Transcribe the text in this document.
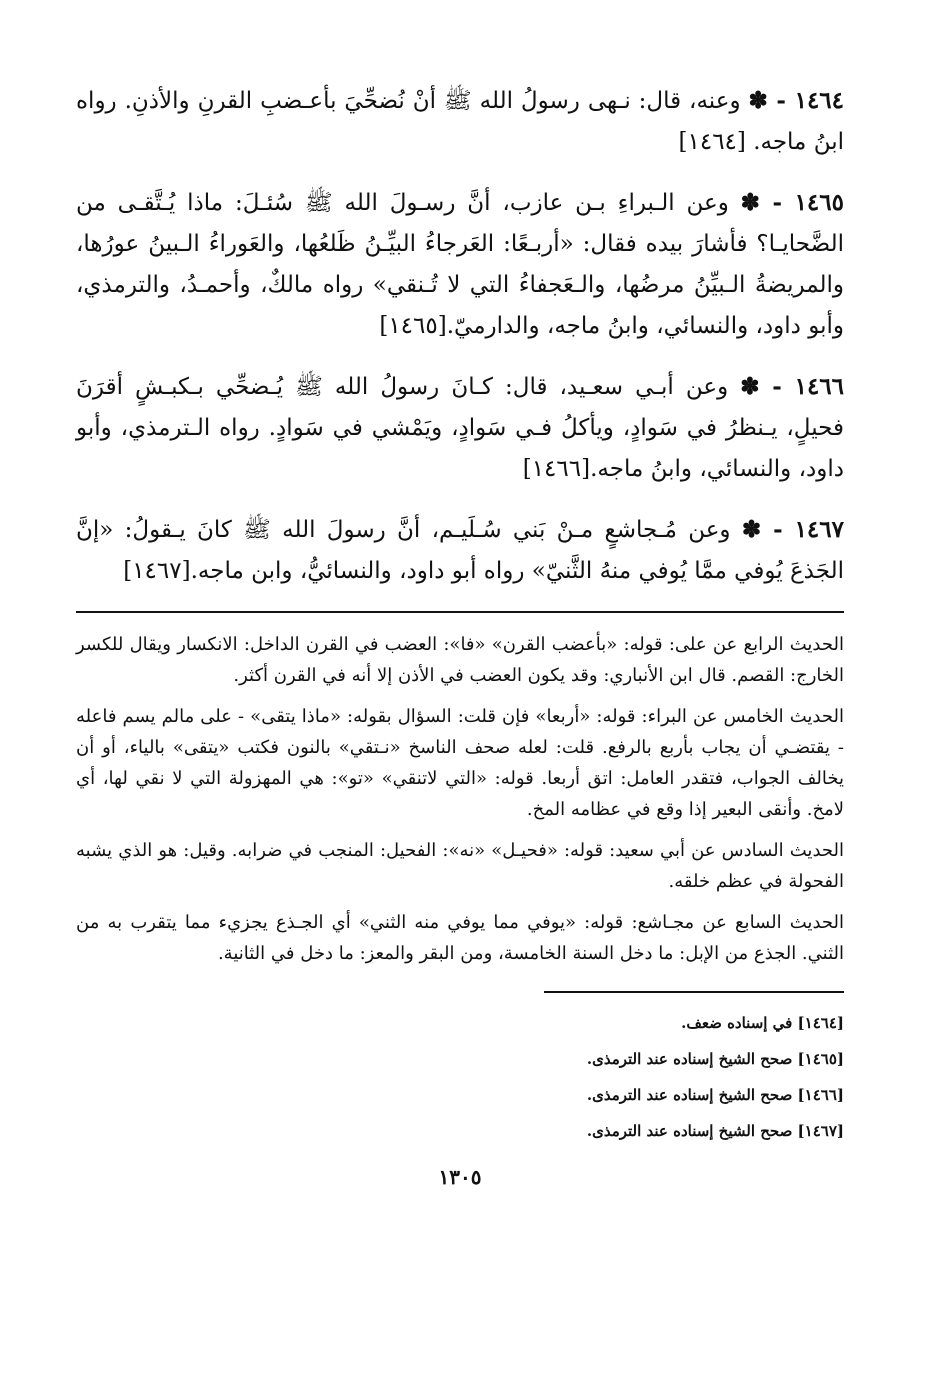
١٤٦٤ - ✽ وعنه، قال: نـهى رسولُ الله ﷺ أنْ نُضحِّيَ بأعـضبِ القرنِ والأذنِ. رواه ابنُ ماجه. [١٤٦٤]

١٤٦٥ - ✽ وعن الـبراءِ بـن عازب، أنَّ رسـولَ الله ﷺ سُئـلَ: ماذا يُـتَّقـى من الضَّحايـا؟ فأشارَ بيده فقال: «أربـعًا: العَرجاءُ البيِّـنُ ظَلعُها، والعَوراءُ الـبينُ عورُها، والمريضةُ الـبيِّنُ مرضُها، والـعَجفاءُ التي لا تُـنقي» رواه مالكٌ، وأحمـدُ، والترمذي، وأبو داود، والنسائي، وابنُ ماجه، والدارميّ.[١٤٦٥]

١٤٦٦ - ✽ وعن أبـي سعـيد، قال: كـانَ رسولُ الله ﷺ يُـضحِّي بـكبـشٍ أقرَنَ فحيلٍ، يـنظرُ في سَوادٍ، ويأكلُ فـي سَوادٍ، ويَمْشي في سَوادٍ. رواه الـترمذي، وأبو داود، والنسائي، وابنُ ماجه.[١٤٦٦]

١٤٦٧ - ✽ وعن مُـجاشعٍ مـنْ بَني سُـلَيـم، أنَّ رسولَ الله ﷺ كانَ يـقولُ: «إنَّ الجَذعَ يُوفي ممَّا يُوفي منهُ الثَّنيّ» رواه أبو داود، والنسائيُّ، وابن ماجه.[١٤٦٧]

الحديث الرابع عن على: قوله: «بأعضب القرن» «فا»: العضب في القرن الداخل: الانكسار ويقال للكسر الخارج: القصم. قال ابن الأنباري: وقد يكون العضب في الأذن إلا أنه في القرن أكثر.

الحديث الخامس عن البراء: قوله: «أربعا» فإن قلت: السؤال بقوله: «ماذا يتقى» - على مالم يسم فاعله - يقتضـي أن يجاب بأربع بالرفع. قلت: لعله صحف الناسخ «نـتقي» بالنون فكتب «يتقى» بالياء، أو أن يخالف الجواب، فتقدر العامل: اتق أربعا. قوله: «التي لاتنقي» «تو»: هي المهزولة التي لا نقي لها، أي لامخ. وأنقى البعير إذا وقع في عظامه المخ.

الحديث السادس عن أبي سعيد: قوله: «فحيـل» «نه»: الفحيل: المنجب في ضرابه. وقيل: هو الذي يشبه الفحولة في عظم خلقه.

الحديث السابع عن مجـاشع: قوله: «يوفي مما يوفي منه الثني» أي الجـذع يجزيء مما يتقرب به من الثني. الجذع من الإبل: ما دخل السنة الخامسة، ومن البقر والمعز: ما دخل في الثانية.

[١٤٦٤] في إسناده ضعف.

[١٤٦٥] صحح الشيخ إسناده عند الترمذى.

[١٤٦٦] صحح الشيخ إسناده عند الترمذى.

[١٤٦٧] صحح الشيخ إسناده عند الترمذى.

١٣٠٥
